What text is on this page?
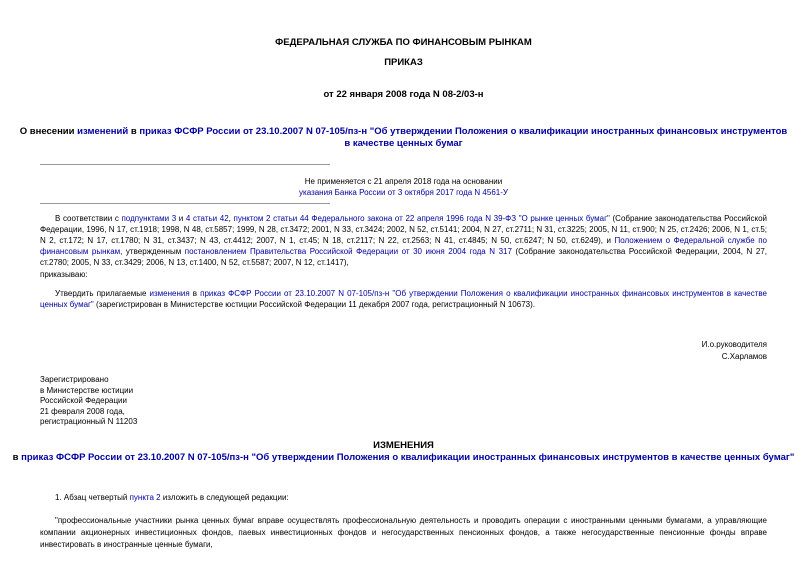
ФЕДЕРАЛЬНАЯ СЛУЖБА ПО ФИНАНСОВЫМ РЫНКАМ
ПРИКАЗ
от 22 января 2008 года N 08-2/03-н
О внесении изменений в приказ ФСФР России от 23.10.2007 N 07-105/пз-н "Об утверждении Положения о квалификации иностранных финансовых инструментов в качестве ценных бумаг
Не применяется с 21 апреля 2018 года на основании
указания Банка России от 3 октября 2017 года N 4561-У
В соответствии с подпунктами 3 и 4 статьи 42, пунктом 2 статьи 44 Федерального закона от 22 апреля 1996 года N 39-ФЗ "О рынке ценных бумаг" (Собрание законодательства Российской Федерации, 1996, N 17, ст.1918; 1998, N 48, ст.5857; 1999, N 28, ст.3472; 2001, N 33, ст.3424; 2002, N 52, ст.5141; 2004, N 27, ст.2711; N 31, ст.3225; 2005, N 11, ст.900; N 25, ст.2426; 2006, N 1, ст.5; N 2, ст.172; N 17, ст.1780; N 31, ст.3437; N 43, ст.4412; 2007, N 1, ст.45; N 18, ст.2117; N 22, ст.2563; N 41, ст.4845; N 50, ст.6247; N 50, ст.6249), и Положением о Федеральной службе по финансовым рынкам, утвержденным постановлением Правительства Российской Федерации от 30 июня 2004 года N 317 (Собрание законодательства Российской Федерации, 2004, N 27, ст.2780; 2005, N 33, ст.3429; 2006, N 13, ст.1400, N 52, ст.5587; 2007, N 12, ст.1417),
приказываю:
Утвердить прилагаемые изменения в приказ ФСФР России от 23.10.2007 N 07-105/пз-н "Об утверждении Положения о квалификации иностранных финансовых инструментов в качестве ценных бумаг" (зарегистрирован в Министерстве юстиции Российской Федерации 11 декабря 2007 года, регистрационный N 10673).
И.о.руководителя
С.Харламов
Зарегистрировано
в Министерстве юстиции
Российской Федерации
21 февраля 2008 года,
регистрационный N 11203
ИЗМЕНЕНИЯ
в приказ ФСФР России от 23.10.2007 N 07-105/пз-н "Об утверждении Положения о квалификации иностранных финансовых инструментов в качестве ценных бумаг"
1. Абзац четвертый пункта 2 изложить в следующей редакции:
"профессиональные участники рынка ценных бумаг вправе осуществлять профессиональную деятельность и проводить операции с иностранными ценными бумагами, а управляющие компании акционерных инвестиционных фондов, паевых инвестиционных фондов и негосударственных пенсионных фондов, а также негосударственные пенсионные фонды вправе инвестировать в иностранные ценные бумаги,
